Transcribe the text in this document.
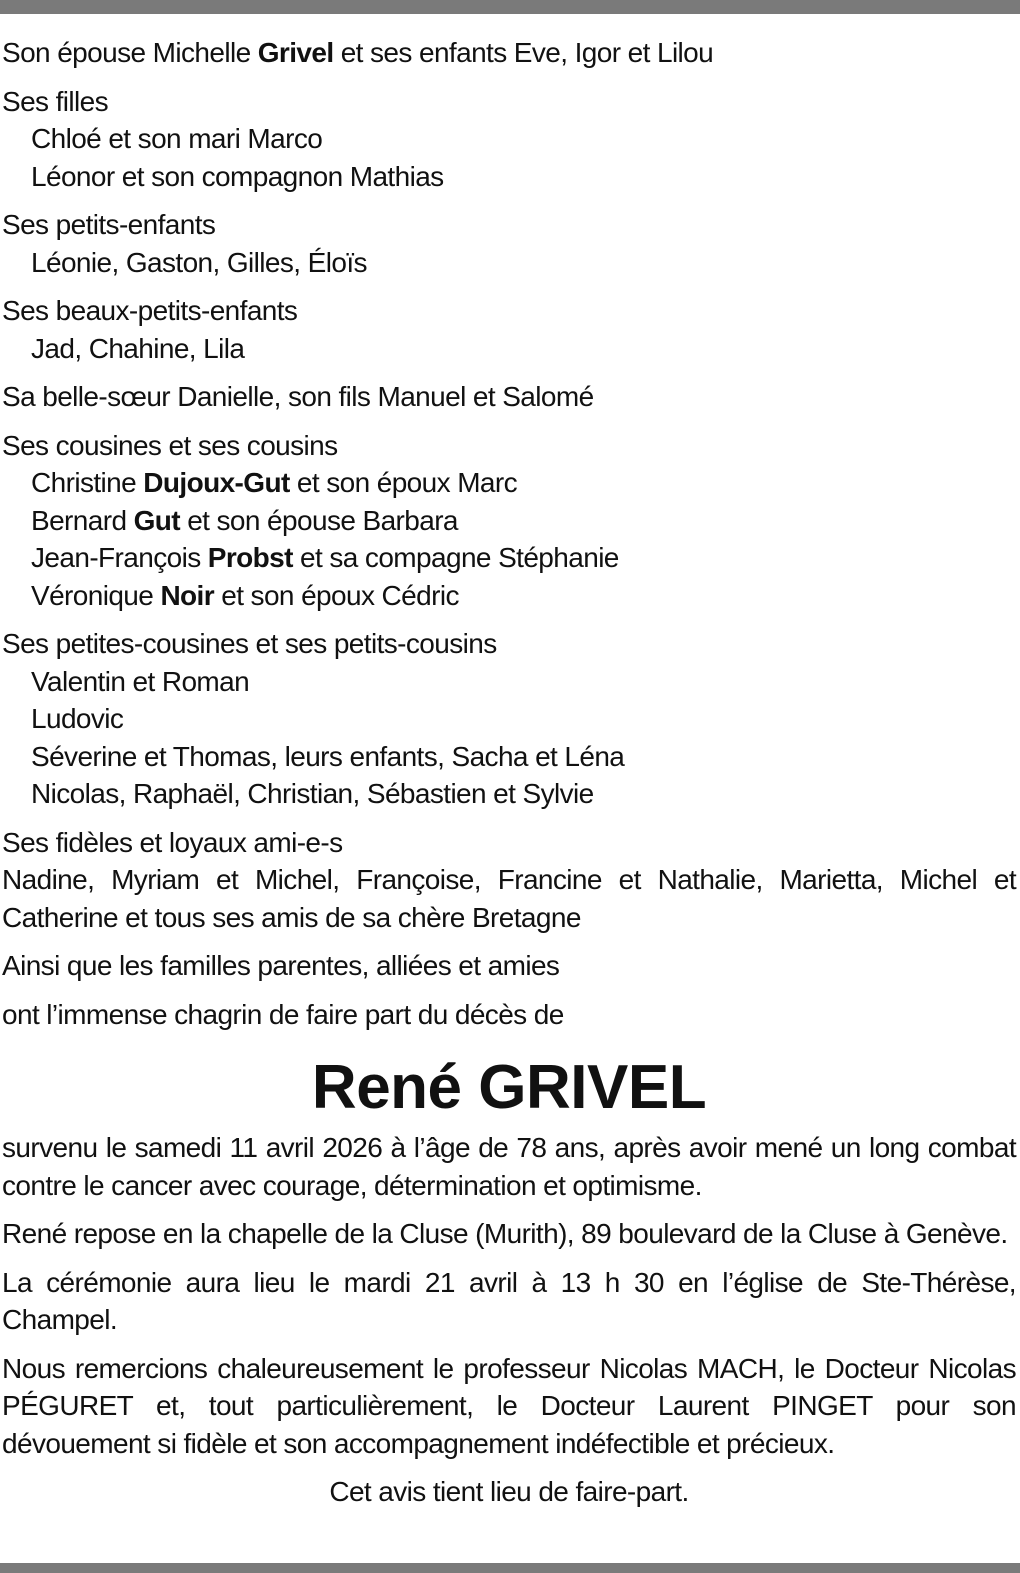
Son épouse Michelle Grivel et ses enfants Eve, Igor et Lilou
Ses filles
Chloé et son mari Marco
Léonor et son compagnon Mathias
Ses petits-enfants
Léonie, Gaston, Gilles, Éloïs
Ses beaux-petits-enfants
Jad, Chahine, Lila
Sa belle-sœur Danielle, son fils Manuel et Salomé
Ses cousines et ses cousins
Christine Dujoux-Gut et son époux Marc
Bernard Gut et son épouse Barbara
Jean-François Probst et sa compagne Stéphanie
Véronique Noir et son époux Cédric
Ses petites-cousines et ses petits-cousins
Valentin et Roman
Ludovic
Séverine et Thomas, leurs enfants, Sacha et Léna
Nicolas, Raphaël, Christian, Sébastien et Sylvie
Ses fidèles et loyaux ami-e-s
Nadine, Myriam et Michel, Françoise, Francine et Nathalie, Marietta, Michel et Catherine et tous ses amis de sa chère Bretagne
Ainsi que les familles parentes, alliées et amies
ont l’immense chagrin de faire part du décès de
René GRIVEL
survenu le samedi 11 avril 2026 à l’âge de 78 ans, après avoir mené un long combat contre le cancer avec courage, détermination et optimisme.
René repose en la chapelle de la Cluse (Murith), 89 boulevard de la Cluse à Genève.
La cérémonie aura lieu le mardi 21 avril à 13 h 30 en l’église de Ste-Thérèse, Champel.
Nous remercions chaleureusement le professeur Nicolas MACH, le Docteur Nicolas PÉGURET et, tout particulièrement, le Docteur Laurent PINGET pour son dévouement si fidèle et son accompagnement indéfectible et précieux.
Cet avis tient lieu de faire-part.
